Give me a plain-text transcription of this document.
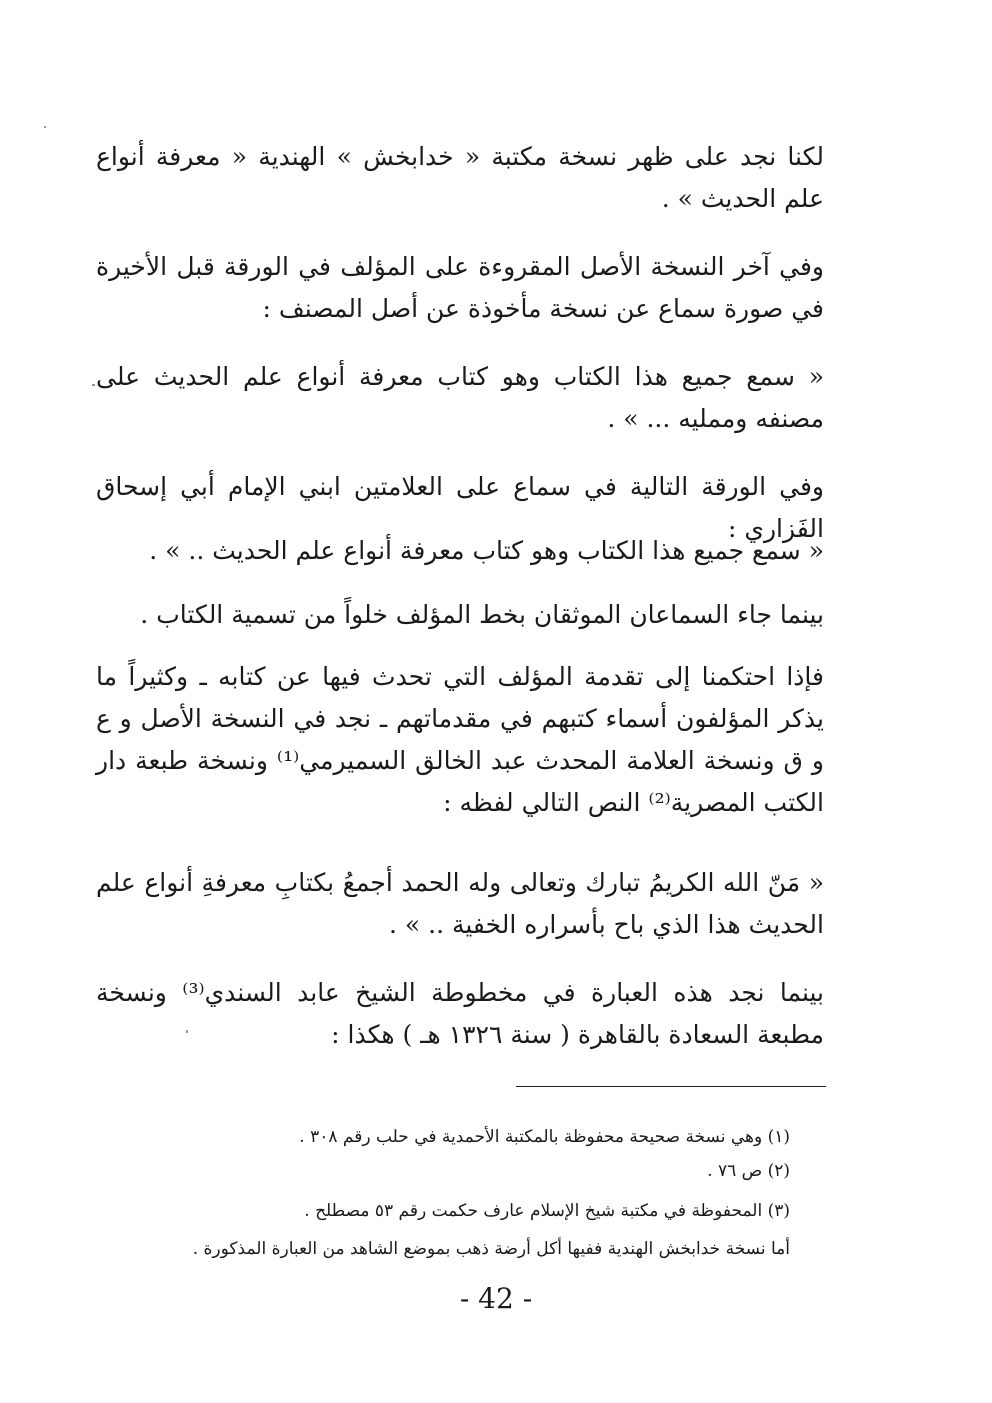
لكنا نجد على ظهر نسخة مكتبة « خدابخش » الهندية « معرفة أنواع علم الحديث » .

وفي آخر النسخة الأصل المقروءة على المؤلف في الورقة قبل الأخيرة في صورة سماع عن نسخة مأخوذة عن أصل المصنف :

« سمع جميع هذا الكتاب وهو كتاب معرفة أنواع علم الحديث على مصنفه وممليه ... » .

وفي الورقة التالية في سماع على العلامتين ابني الإمام أبي إسحاق الفَزاري :

« سمع جميع هذا الكتاب وهو كتاب معرفة أنواع علم الحديث .. » .

بينما جاء السماعان الموثقان بخط المؤلف خلواً من تسمية الكتاب .

فإذا احتكمنا إلى تقدمة المؤلف التي تحدث فيها عن كتابه ـ وكثيراً ما يذكر المؤلفون أسماء كتبهم في مقدماتهم ـ نجد في النسخة الأصل و ع و ق ونسخة العلامة المحدث عبد الخالق السميرمي⁽¹⁾ ونسخة طبعة دار الكتب المصرية⁽²⁾ النص التالي لفظه :

« مَنّ الله الكريمُ تبارك وتعالى وله الحمد أجمعُ بكتابِ معرفةِ أنواع علم الحديث هذا الذي باح بأسراره الخفية .. » .

بينما نجد هذه العبارة في مخطوطة الشيخ عابد السندي⁽³⁾ ونسخة مطبعة السعادة بالقاهرة ( سنة ١٣٢٦ هـ ) هكذا :

(١) وهي نسخة صحيحة محفوظة بالمكتبة الأحمدية في حلب رقم ٣٠٨ .

(٢) ص ٧٦ .

(٣) المحفوظة في مكتبة شيخ الإسلام عارف حكمت رقم ٥٣ مصطلح .

أما نسخة خدابخش الهندية ففيها أكل أرضة ذهب بموضع الشاهد من العبارة المذكورة .

- 42 -
